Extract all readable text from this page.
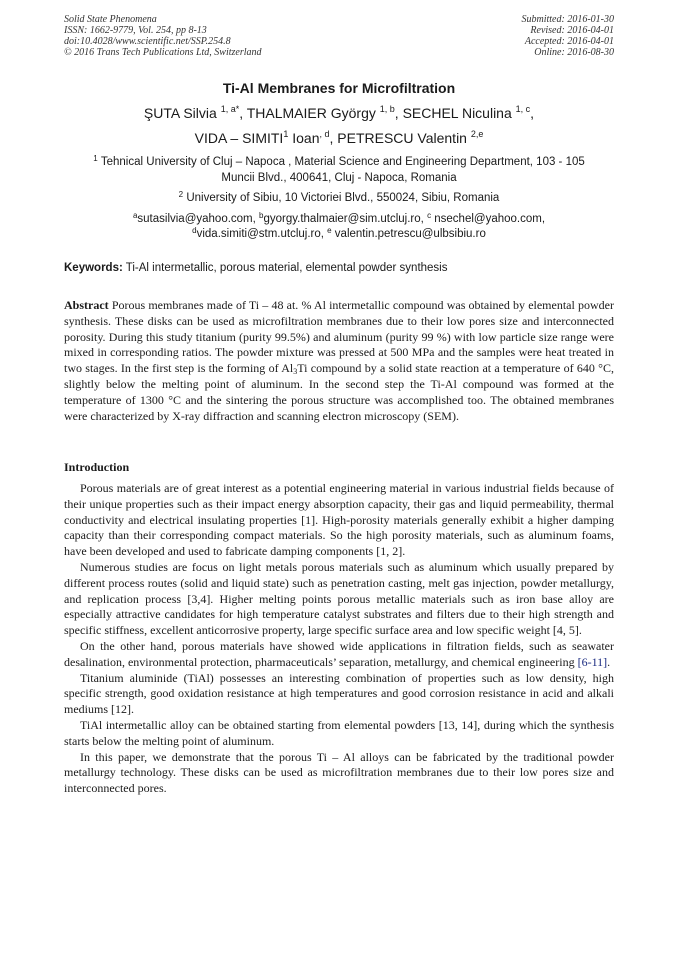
Solid State Phenomena
ISSN: 1662-9779, Vol. 254, pp 8-13
doi:10.4028/www.scientific.net/SSP.254.8
© 2016 Trans Tech Publications Ltd, Switzerland
Submitted: 2016-01-30
Revised: 2016-04-01
Accepted: 2016-04-01
Online: 2016-08-30
Ti-Al Membranes for Microfiltration
ŞUTA Silvia $^{1, a*}$, THALMAIER György $^{1, b}$, SECHEL Niculina $^{1, c}$,
VIDA – SIMITI$^1$ Ioan$^{, d}$, PETRESCU Valentin $^{2,e}$
$^1$ Tehnical University of Cluj – Napoca , Material Science and Engineering Department, 103 - 105
Muncii Blvd., 400641, Cluj - Napoca, Romania
$^2$ University of Sibiu, 10 Victoriei Blvd., 550024, Sibiu, Romania
$^a$sutasilvia@yahoo.com, $^b$gyorgy.thalmaier@sim.utcluj.ro, $^c$ nsechel@yahoo.com,
$^d$vida.simiti@stm.utcluj.ro, $^e$ valentin.petrescu@ulbsibiu.ro
Keywords: Ti-Al intermetallic, porous material, elemental powder synthesis
Abstract Porous membranes made of Ti – 48 at. % Al intermetallic compound was obtained by elemental powder synthesis. These disks can be used as microfiltration membranes due to their low pores size and interconnected porosity. During this study titanium (purity 99.5%) and aluminum (purity 99 %) with low particle size range were mixed in corresponding ratios. The powder mixture was pressed at 500 MPa and the samples were heat treated in two stages. In the first step is the forming of $Al_3Ti$ compound by a solid state reaction at a temperature of 640 °C, slightly below the melting point of aluminum. In the second step the Ti-Al compound was formed at the temperature of 1300 °C and the sintering the porous structure was accomplished too. The obtained membranes were characterized by X-ray diffraction and scanning electron microscopy (SEM).
Introduction

Porous materials are of great interest as a potential engineering material in various industrial fields because of their unique properties such as their impact energy absorption capacity, their gas and liquid permeability, thermal conductivity and electrical insulating properties [1]. High-porosity materials generally exhibit a higher damping capacity than their corresponding compact materials. So the high porosity materials, such as aluminum foams, have been developed and used to fabricate damping components [1, 2].

Numerous studies are focus on light metals porous materials such as aluminum which usually prepared by different process routes (solid and liquid state) such as penetration casting, melt gas injection, powder metallurgy, and replication process [3,4]. Higher melting points porous metallic materials such as iron base alloy are especially attractive candidates for high temperature catalyst substrates and filters due to their high strength and specific stiffness, excellent anticorrosive property, large specific surface area and low specific weight [4, 5].

On the other hand, porous materials have showed wide applications in filtration fields, such as seawater desalination, environmental protection, pharmaceuticals’ separation, metallurgy, and chemical engineering [6-11].

Titanium aluminide (TiAl) possesses an interesting combination of properties such as low density, high specific strength, good oxidation resistance at high temperatures and good corrosion resistance in acid and alkali mediums [12].

TiAl intermetallic alloy can be obtained starting from elemental powders [13, 14], during which the synthesis starts below the melting point of aluminum.

In this paper, we demonstrate that the porous Ti – Al alloys can be fabricated by the traditional powder metallurgy technology. These disks can be used as microfiltration membranes due to their low pores size and interconnected pores.
